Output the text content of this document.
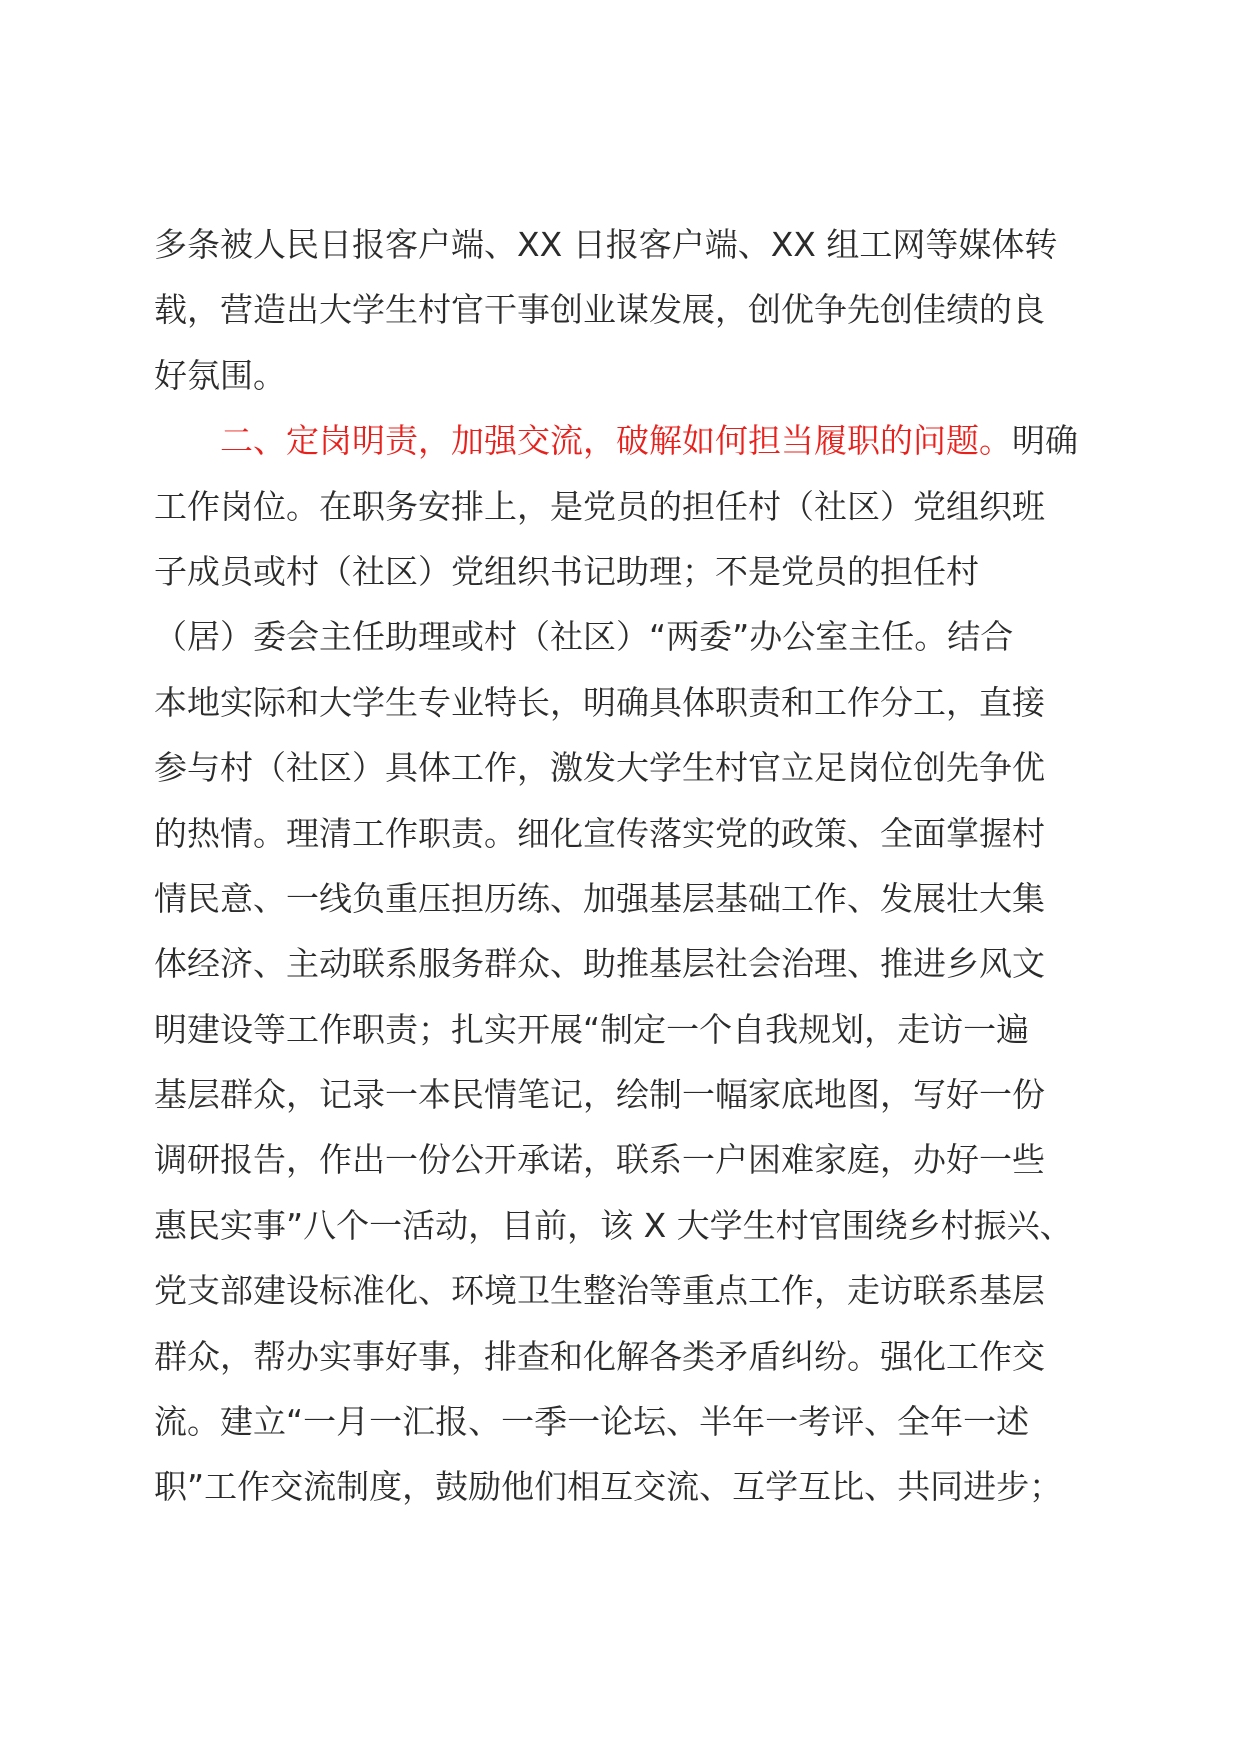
多条被人民日报客户端、XX 日报客户端、XX 组工网等媒体转
载，营造出大学生村官干事创业谋发展，创优争先创佳绩的良
好氛围。
　　二、定岗明责，加强交流，破解如何担当履职的问题。明确
工作岗位。在职务安排上，是党员的担任村（社区）党组织班
子成员或村（社区）党组织书记助理；不是党员的担任村
（居）委会主任助理或村（社区）“两委”办公室主任。结合
本地实际和大学生专业特长，明确具体职责和工作分工，直接
参与村（社区）具体工作，激发大学生村官立足岗位创先争优
的热情。理清工作职责。细化宣传落实党的政策、全面掌握村
情民意、一线负重压担历练、加强基层基础工作、发展壮大集
体经济、主动联系服务群众、助推基层社会治理、推进乡风文
明建设等工作职责；扎实开展“制定一个自我规划，走访一遍
基层群众，记录一本民情笔记，绘制一幅家底地图，写好一份
调研报告，作出一份公开承诺，联系一户困难家庭，办好一些
惠民实事”八个一活动，目前，该 X 大学生村官围绕乡村振兴、
党支部建设标准化、环境卫生整治等重点工作，走访联系基层
群众，帮办实事好事，排查和化解各类矛盾纠纷。强化工作交
流。建立“一月一汇报、一季一论坛、半年一考评、全年一述
职”工作交流制度，鼓励他们相互交流、互学互比、共同进步；
